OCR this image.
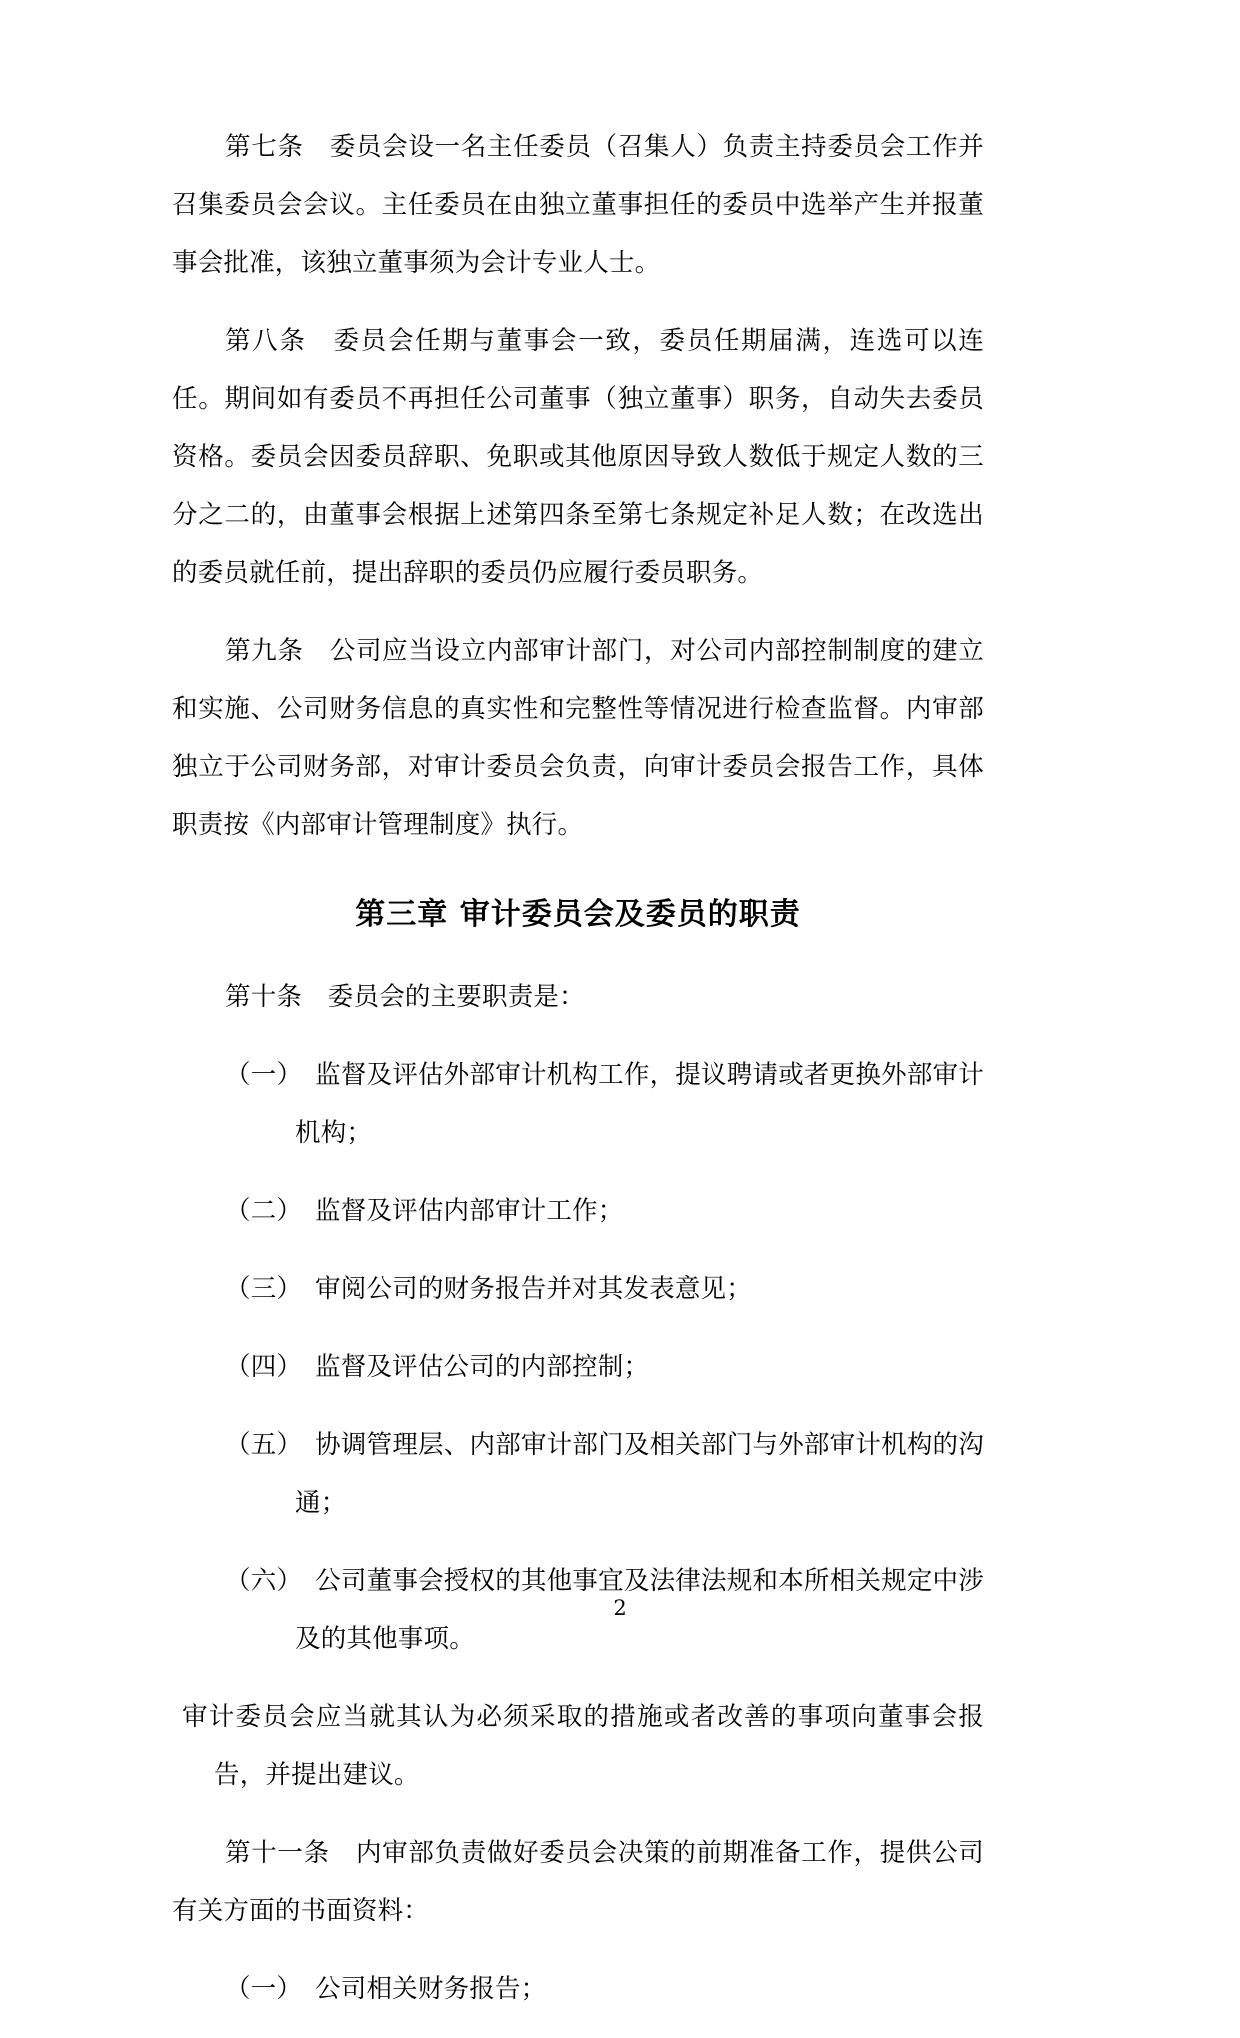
第七条　委员会设一名主任委员（召集人）负责主持委员会工作并召集委员会会议。主任委员在由独立董事担任的委员中选举产生并报董事会批准，该独立董事须为会计专业人士。

第八条　委员会任期与董事会一致，委员任期届满，连选可以连任。期间如有委员不再担任公司董事（独立董事）职务，自动失去委员资格。委员会因委员辞职、免职或其他原因导致人数低于规定人数的三分之二的，由董事会根据上述第四条至第七条规定补足人数；在改选出的委员就任前，提出辞职的委员仍应履行委员职务。

第九条　公司应当设立内部审计部门，对公司内部控制制度的建立和实施、公司财务信息的真实性和完整性等情况进行检查监督。内审部独立于公司财务部，对审计委员会负责，向审计委员会报告工作，具体职责按《内部审计管理制度》执行。

第三章 审计委员会及委员的职责

第十条　委员会的主要职责是：

（一）　监督及评估外部审计机构工作，提议聘请或者更换外部审计机构；

（二）　监督及评估内部审计工作；

（三）　审阅公司的财务报告并对其发表意见；

（四）　监督及评估公司的内部控制；

（五）　协调管理层、内部审计部门及相关部门与外部审计机构的沟通；

（六）　公司董事会授权的其他事宜及法律法规和本所相关规定中涉及的其他事项。

审计委员会应当就其认为必须采取的措施或者改善的事项向董事会报告，并提出建议。

第十一条　内审部负责做好委员会决策的前期准备工作，提供公司有关方面的书面资料：

（一）　公司相关财务报告；

2
